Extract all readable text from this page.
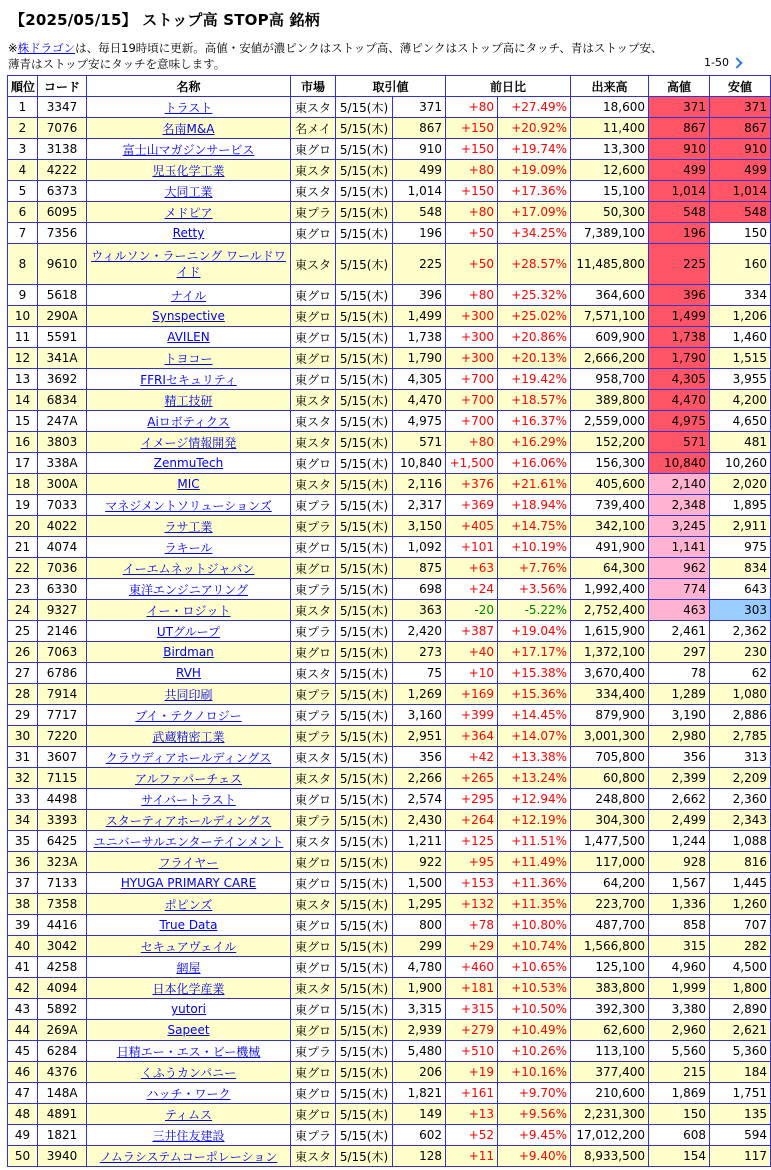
【2025/05/15】 ストップ高 STOP高 銘柄
※株ドラゴンは、毎日19時頃に更新。高値・安値が濃ピンクはストップ高、薄ピンクはストップ高にタッチ、青はストップ安、
薄青はストップ安にタッチを意味します。	1-50
順位	コード	名称	市場	取引値		前日比		出来高	高値	安値
1	3347	トラスト	東スタ	5/15(木)	371	+80	+27.49%	18,600	371	371
2	7076	名南M&A	名メイ	5/15(木)	867	+150	+20.92%	11,400	867	867
3	3138	富士山マガジンサービス	東グロ	5/15(木)	910	+150	+19.74%	13,300	910	910
4	4222	児玉化学工業	東スタ	5/15(木)	499	+80	+19.09%	12,600	499	499
5	6373	大同工業	東スタ	5/15(木)	1,014	+150	+17.36%	15,100	1,014	1,014
6	6095	メドピア	東プラ	5/15(木)	548	+80	+17.09%	50,300	548	548
7	7356	Retty	東グロ	5/15(木)	196	+50	+34.25%	7,389,100	196	150
8	9610	ウィルソン・ラーニング ワールドワイド	東スタ	5/15(木)	225	+50	+28.57%	11,485,800	225	160
9	5618	ナイル	東グロ	5/15(木)	396	+80	+25.32%	364,600	396	334
10	290A	Synspective	東グロ	5/15(木)	1,499	+300	+25.02%	7,571,100	1,499	1,206
11	5591	AVILEN	東グロ	5/15(木)	1,738	+300	+20.86%	609,900	1,738	1,460
12	341A	トヨコー	東グロ	5/15(木)	1,790	+300	+20.13%	2,666,200	1,790	1,515
13	3692	FFRIセキュリティ	東グロ	5/15(木)	4,305	+700	+19.42%	958,700	4,305	3,955
14	6834	精工技研	東スタ	5/15(木)	4,470	+700	+18.57%	389,800	4,470	4,200
15	247A	Aiロボティクス	東スタ	5/15(木)	4,975	+700	+16.37%	2,559,000	4,975	4,650
16	3803	イメージ情報開発	東スタ	5/15(木)	571	+80	+16.29%	152,200	571	481
17	338A	ZenmuTech	東グロ	5/15(木)	10,840	+1,500	+16.06%	156,300	10,840	10,260
18	300A	MIC	東スタ	5/15(木)	2,116	+376	+21.61%	405,600	2,140	2,020
19	7033	マネジメントソリューションズ	東プラ	5/15(木)	2,317	+369	+18.94%	739,400	2,348	1,895
20	4022	ラサ工業	東プラ	5/15(木)	3,150	+405	+14.75%	342,100	3,245	2,911
21	4074	ラキール	東グロ	5/15(木)	1,092	+101	+10.19%	491,900	1,141	975
22	7036	イーエムネットジャパン	東グロ	5/15(木)	875	+63	+7.76%	64,300	962	834
23	6330	東洋エンジニアリング	東プラ	5/15(木)	698	+24	+3.56%	1,992,400	774	643
24	9327	イー・ロジット	東スタ	5/15(木)	363	-20	-5.22%	2,752,400	463	303
25	2146	UTグループ	東プラ	5/15(木)	2,420	+387	+19.04%	1,615,900	2,461	2,362
26	7063	Birdman	東グロ	5/15(木)	273	+40	+17.17%	1,372,100	297	230
27	6786	RVH	東スタ	5/15(木)	75	+10	+15.38%	3,670,400	78	62
28	7914	共同印刷	東プラ	5/15(木)	1,269	+169	+15.36%	334,400	1,289	1,080
29	7717	ブイ・テクノロジー	東プラ	5/15(木)	3,160	+399	+14.45%	879,900	3,190	2,886
30	7220	武蔵精密工業	東プラ	5/15(木)	2,951	+364	+14.07%	3,001,300	2,980	2,785
31	3607	クラウディアホールディングス	東スタ	5/15(木)	356	+42	+13.38%	705,800	356	313
32	7115	アルファパーチェス	東スタ	5/15(木)	2,266	+265	+13.24%	60,800	2,399	2,209
33	4498	サイバートラスト	東グロ	5/15(木)	2,574	+295	+12.94%	248,800	2,662	2,360
34	3393	スターティアホールディングス	東プラ	5/15(木)	2,430	+264	+12.19%	304,300	2,499	2,343
35	6425	ユニバーサルエンターテインメント	東スタ	5/15(木)	1,211	+125	+11.51%	1,477,500	1,244	1,088
36	323A	フライヤー	東グロ	5/15(木)	922	+95	+11.49%	117,000	928	816
37	7133	HYUGA PRIMARY CARE	東グロ	5/15(木)	1,500	+153	+11.36%	64,200	1,567	1,445
38	7358	ポピンズ	東スタ	5/15(木)	1,295	+132	+11.35%	223,700	1,336	1,260
39	4416	True Data	東グロ	5/15(木)	800	+78	+10.80%	487,700	858	707
40	3042	セキュアヴェイル	東グロ	5/15(木)	299	+29	+10.74%	1,566,800	315	282
41	4258	網屋	東グロ	5/15(木)	4,780	+460	+10.65%	125,100	4,960	4,500
42	4094	日本化学産業	東スタ	5/15(木)	1,900	+181	+10.53%	383,800	1,999	1,800
43	5892	yutori	東グロ	5/15(木)	3,315	+315	+10.50%	392,300	3,380	2,890
44	269A	Sapeet	東グロ	5/15(木)	2,939	+279	+10.49%	62,600	2,960	2,621
45	6284	日精エー・エス・ビー機械	東プラ	5/15(木)	5,480	+510	+10.26%	113,100	5,560	5,360
46	4376	くふうカンパニー	東グロ	5/15(木)	206	+19	+10.16%	377,400	215	184
47	148A	ハッチ・ワーク	東グロ	5/15(木)	1,821	+161	+9.70%	210,600	1,869	1,751
48	4891	ティムス	東グロ	5/15(木)	149	+13	+9.56%	2,231,300	150	135
49	1821	三井住友建設	東プラ	5/15(木)	602	+52	+9.45%	17,012,200	608	594
50	3940	ノムラシステムコーポレーション	東スタ	5/15(木)	128	+11	+9.40%	8,933,500	154	117
